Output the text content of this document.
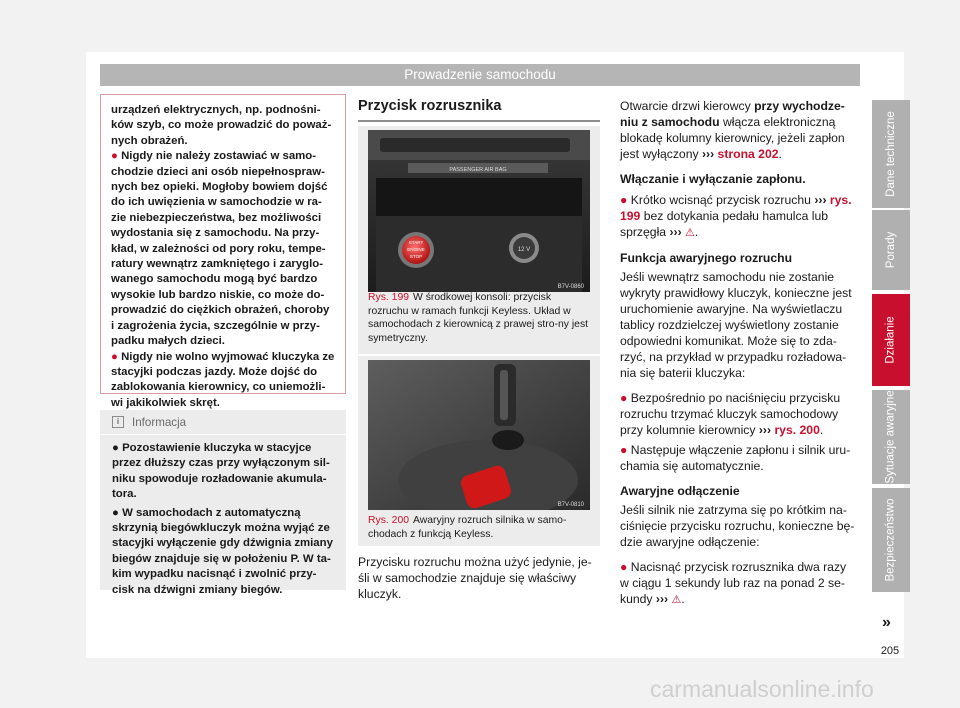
Prowadzenie samochodu

urządzeń elektrycznych, np. podnośni-ków szyb, co może prowadzić do poważ-nych obrażeń.

● Nigdy nie należy zostawiać w samo-chodzie dzieci ani osób niepełnospraw-nych bez opieki. Mogłoby bowiem dojść do ich uwięzienia w samochodzie w ra-zie niebezpieczeństwa, bez możliwości wydostania się z samochodu. Na przy-kład, w zależności od pory roku, tempe-ratury wewnątrz zamkniętego i zaryglo-wanego samochodu mogą być bardzo wysokie lub bardzo niskie, co może do-prowadzić do ciężkich obrażeń, choroby i zagrożenia życia, szczególnie w przy-padku małych dzieci.

● Nigdy nie wolno wyjmować kluczyka ze stacyjki podczas jazdy. Może dojść do zablokowania kierownicy, co uniemożli-wi jakikolwiek skręt.

i	Informacja

● Pozostawienie kluczyka w stacyjce przez dłuższy czas przy wyłączonym sil-niku spowoduje rozładowanie akumula-tora.

● W samochodach z automatyczną skrzynią biegówkluczyk można wyjąć ze stacyjki wyłączenie gdy dźwignia zmiany biegów znajduje się w położeniu P. W ta-kim wypadku nacisnąć i zwolnić przy-cisk na dźwigni zmiany biegów.

Przycisk rozrusznika
PASSENGER AIR BAG
START
ENGINE
STOP
12 V
B7V-0860
Rys. 199 W środkowej konsoli: przycisk rozruchu w ramach funkcji Keyless. Układ w samochodach z kierownicą z prawej stro-ny jest symetryczny.
B7V-0810
Rys. 200 Awaryjny rozruch silnika w samo-chodach z funkcją Keyless.

Przycisku rozruchu można użyć jedynie, je-śli w samochodzie znajduje się właściwy kluczyk.

Otwarcie drzwi kierowcy przy wychodze-niu z samochodu włącza elektroniczną blokadę kolumny kierownicy, jeżeli zapłon jest wyłączony ››› strona 202.

Włączanie i wyłączanie zapłonu.

● Krótko wcisnąć przycisk rozruchu ››› rys. 199 bez dotykania pedału hamulca lub sprzęgła ››› ⚠.

Funkcja awaryjnego rozruchu

Jeśli wewnątrz samochodu nie zostanie wykryty prawidłowy kluczyk, konieczne jest uruchomienie awaryjne. Na wyświetlaczu tablicy rozdzielczej wyświetlony zostanie odpowiedni komunikat. Może się to zda-rzyć, na przykład w przypadku rozładowa-nia się baterii kluczyka:

● Bezpośrednio po naciśnięciu przycisku rozruchu trzymać kluczyk samochodowy przy kolumnie kierownicy ››› rys. 200.

● Następuje włączenie zapłonu i silnik uru-chamia się automatycznie.

Awaryjne odłączenie

Jeśli silnik nie zatrzyma się po krótkim na-ciśnięcie przycisku rozruchu, konieczne bę-dzie awaryjne odłączenie:

● Nacisnąć przycisk rozrusznika dwa razy w ciągu 1 sekundy lub raz na ponad 2 se-kundy ››› ⚠.

Dane techniczne
Porady
Działanie
Sytuacje awaryjne
Bezpieczeństwo
»
205
carmanualsonline.info
